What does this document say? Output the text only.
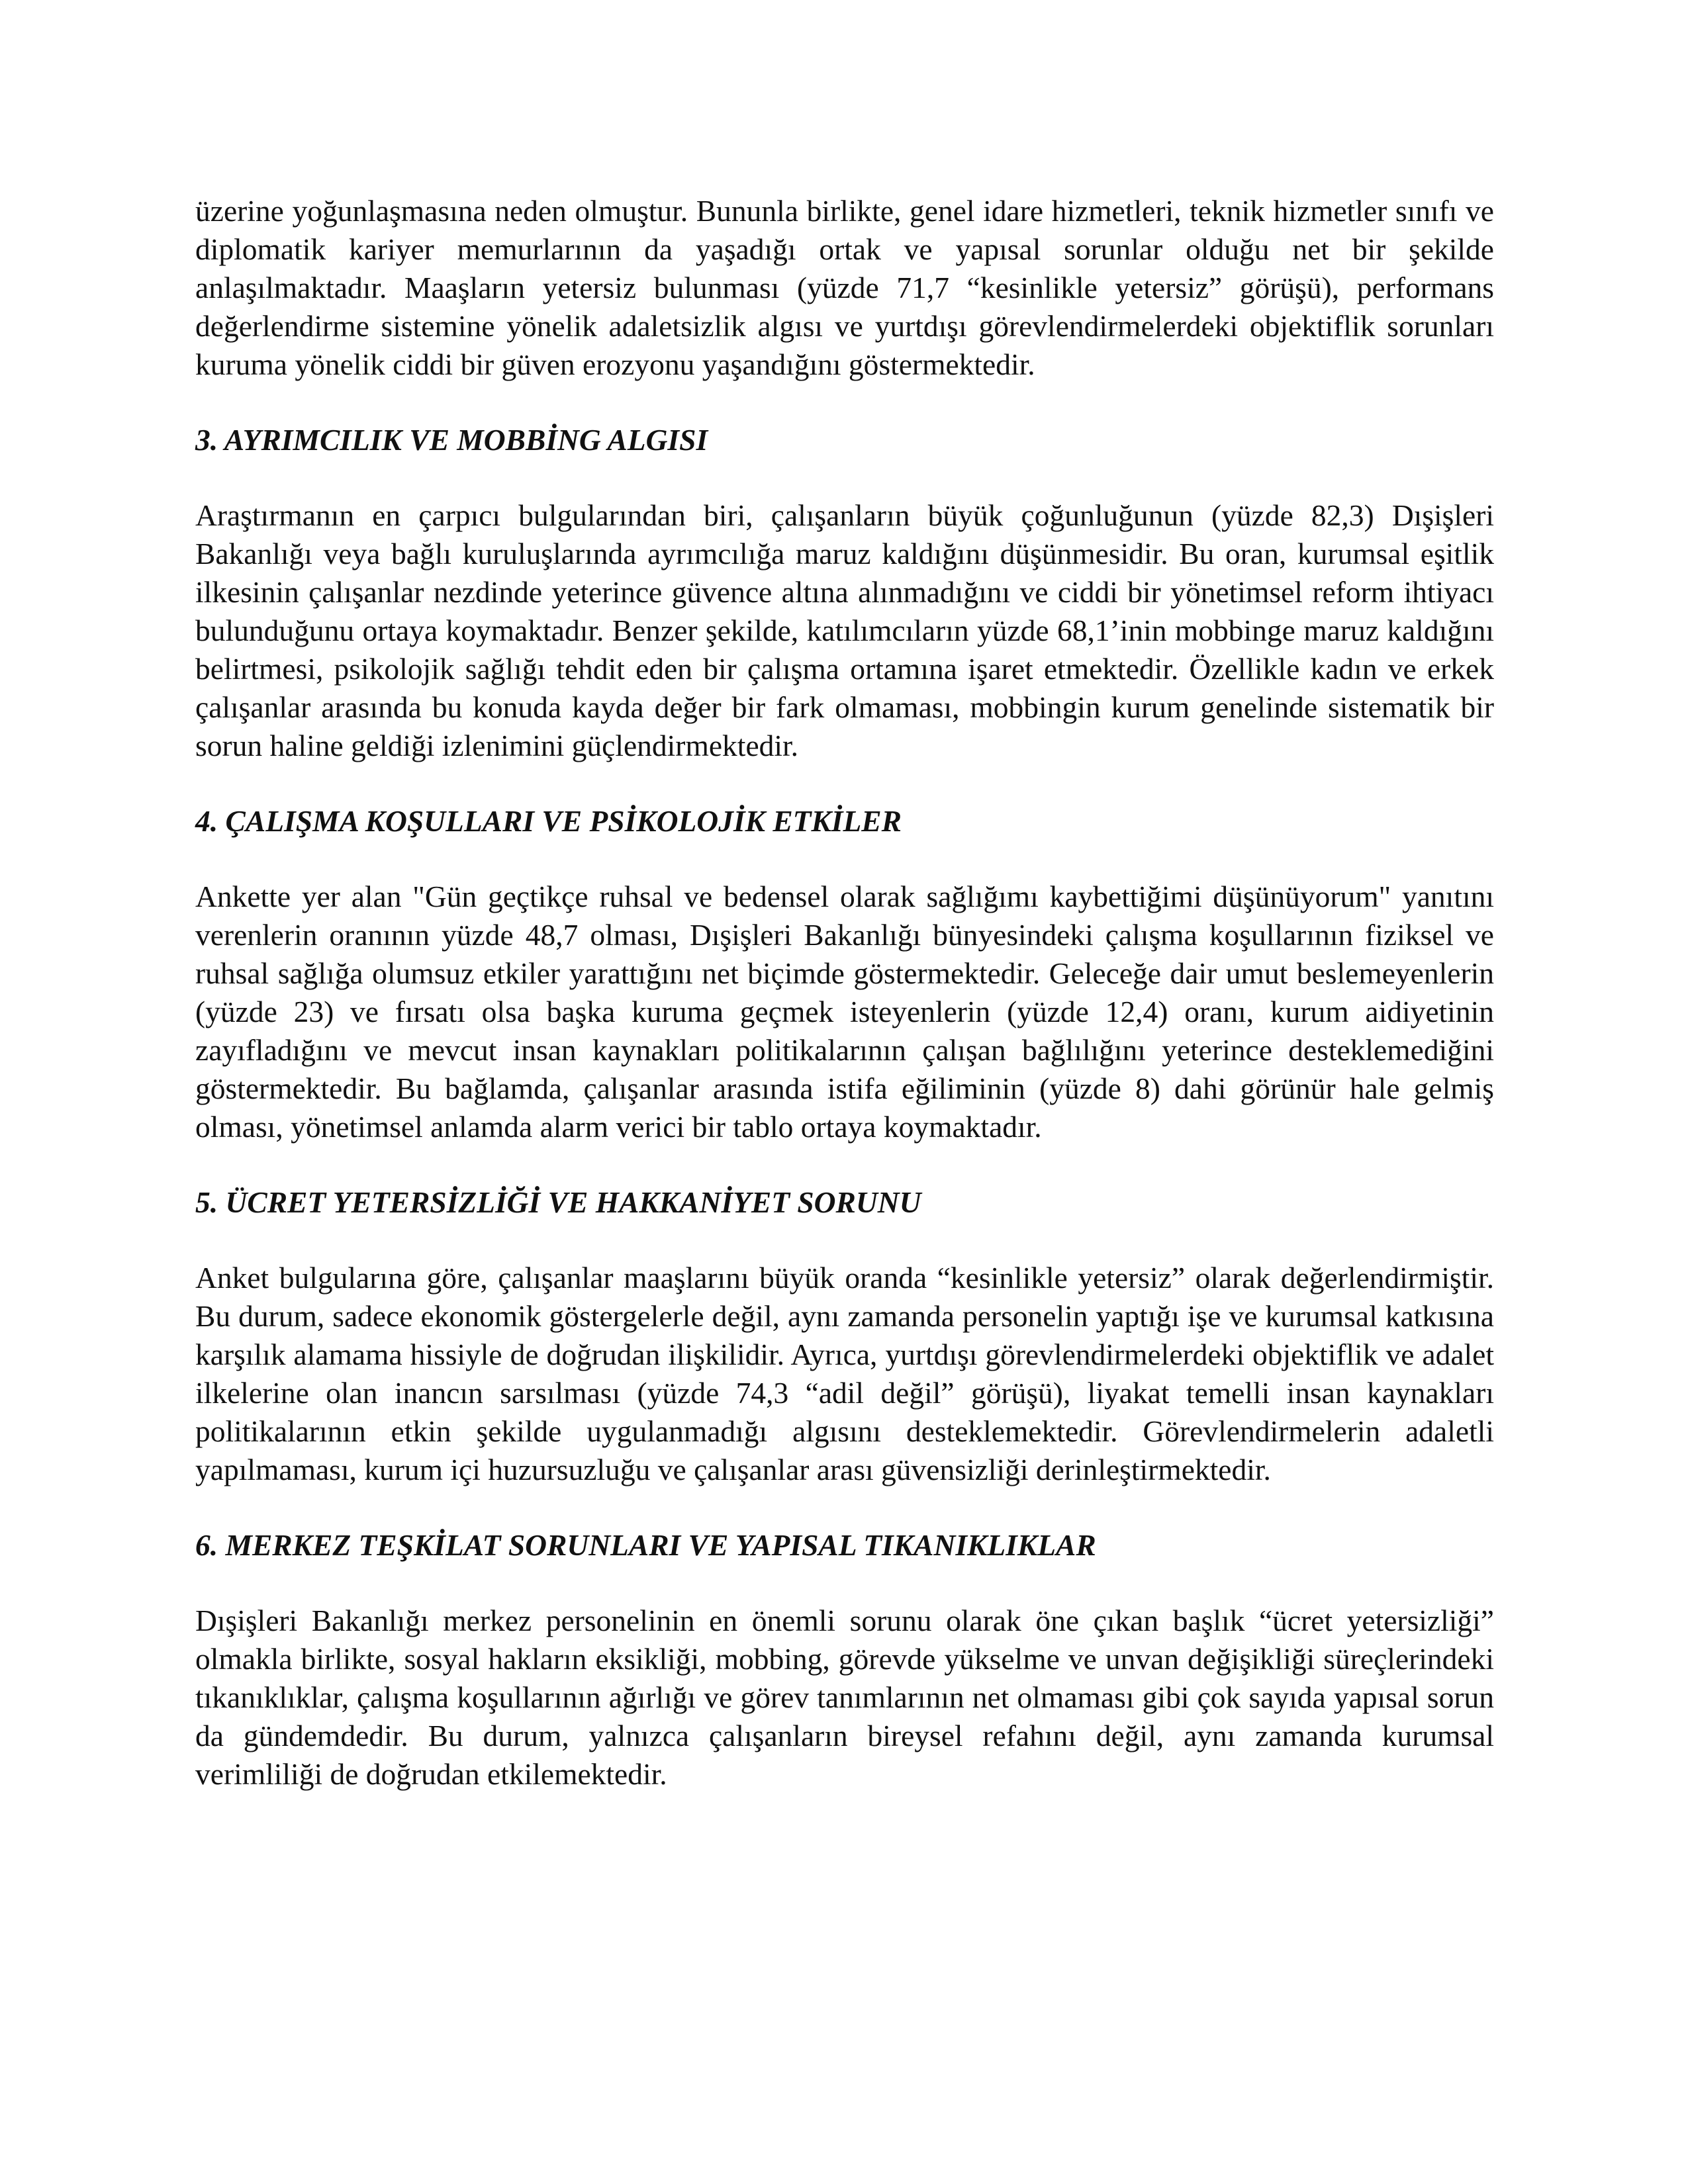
üzerine yoğunlaşmasına neden olmuştur. Bununla birlikte, genel idare hizmetleri, teknik hizmetler sınıfı ve diplomatik kariyer memurlarının da yaşadığı ortak ve yapısal sorunlar olduğu net bir şekilde anlaşılmaktadır. Maaşların yetersiz bulunması (yüzde 71,7 “kesinlikle yetersiz” görüşü), performans değerlendirme sistemine yönelik adaletsizlik algısı ve yurtdışı görevlendirmelerdeki objektiflik sorunları kuruma yönelik ciddi bir güven erozyonu yaşandığını göstermektedir.

3. AYRIMCILIK VE MOBBİNG ALGISI

Araştırmanın en çarpıcı bulgularından biri, çalışanların büyük çoğunluğunun (yüzde 82,3) Dışişleri Bakanlığı veya bağlı kuruluşlarında ayrımcılığa maruz kaldığını düşünmesidir. Bu oran, kurumsal eşitlik ilkesinin çalışanlar nezdinde yeterince güvence altına alınmadığını ve ciddi bir yönetimsel reform ihtiyacı bulunduğunu ortaya koymaktadır. Benzer şekilde, katılımcıların yüzde 68,1’inin mobbinge maruz kaldığını belirtmesi, psikolojik sağlığı tehdit eden bir çalışma ortamına işaret etmektedir. Özellikle kadın ve erkek çalışanlar arasında bu konuda kayda değer bir fark olmaması, mobbingin kurum genelinde sistematik bir sorun haline geldiği izlenimini güçlendirmektedir.

4. ÇALIŞMA KOŞULLARI VE PSİKOLOJİK ETKİLER

Ankette yer alan "Gün geçtikçe ruhsal ve bedensel olarak sağlığımı kaybettiğimi düşünüyorum" yanıtını verenlerin oranının yüzde 48,7 olması, Dışişleri Bakanlığı bünyesindeki çalışma koşullarının fiziksel ve ruhsal sağlığa olumsuz etkiler yarattığını net biçimde göstermektedir. Geleceğe dair umut beslemeyenlerin (yüzde 23) ve fırsatı olsa başka kuruma geçmek isteyenlerin (yüzde 12,4) oranı, kurum aidiyetinin zayıfladığını ve mevcut insan kaynakları politikalarının çalışan bağlılığını yeterince desteklemediğini göstermektedir. Bu bağlamda, çalışanlar arasında istifa eğiliminin (yüzde 8) dahi görünür hale gelmiş olması, yönetimsel anlamda alarm verici bir tablo ortaya koymaktadır.

5. ÜCRET YETERSİZLİĞİ VE HAKKANİYET SORUNU

Anket bulgularına göre, çalışanlar maaşlarını büyük oranda “kesinlikle yetersiz” olarak değerlendirmiştir. Bu durum, sadece ekonomik göstergelerle değil, aynı zamanda personelin yaptığı işe ve kurumsal katkısına karşılık alamama hissiyle de doğrudan ilişkilidir. Ayrıca, yurtdışı görevlendirmelerdeki objektiflik ve adalet ilkelerine olan inancın sarsılması (yüzde 74,3 “adil değil” görüşü), liyakat temelli insan kaynakları politikalarının etkin şekilde uygulanmadığı algısını desteklemektedir. Görevlendirmelerin adaletli yapılmaması, kurum içi huzursuzluğu ve çalışanlar arası güvensizliği derinleştirmektedir.

6. MERKEZ TEŞKİLAT SORUNLARI VE YAPISAL TIKANIKLIKLAR

Dışişleri Bakanlığı merkez personelinin en önemli sorunu olarak öne çıkan başlık “ücret yetersizliği” olmakla birlikte, sosyal hakların eksikliği, mobbing, görevde yükselme ve unvan değişikliği süreçlerindeki tıkanıklıklar, çalışma koşullarının ağırlığı ve görev tanımlarının net olmaması gibi çok sayıda yapısal sorun da gündemdedir. Bu durum, yalnızca çalışanların bireysel refahını değil, aynı zamanda kurumsal verimliliği de doğrudan etkilemektedir.
